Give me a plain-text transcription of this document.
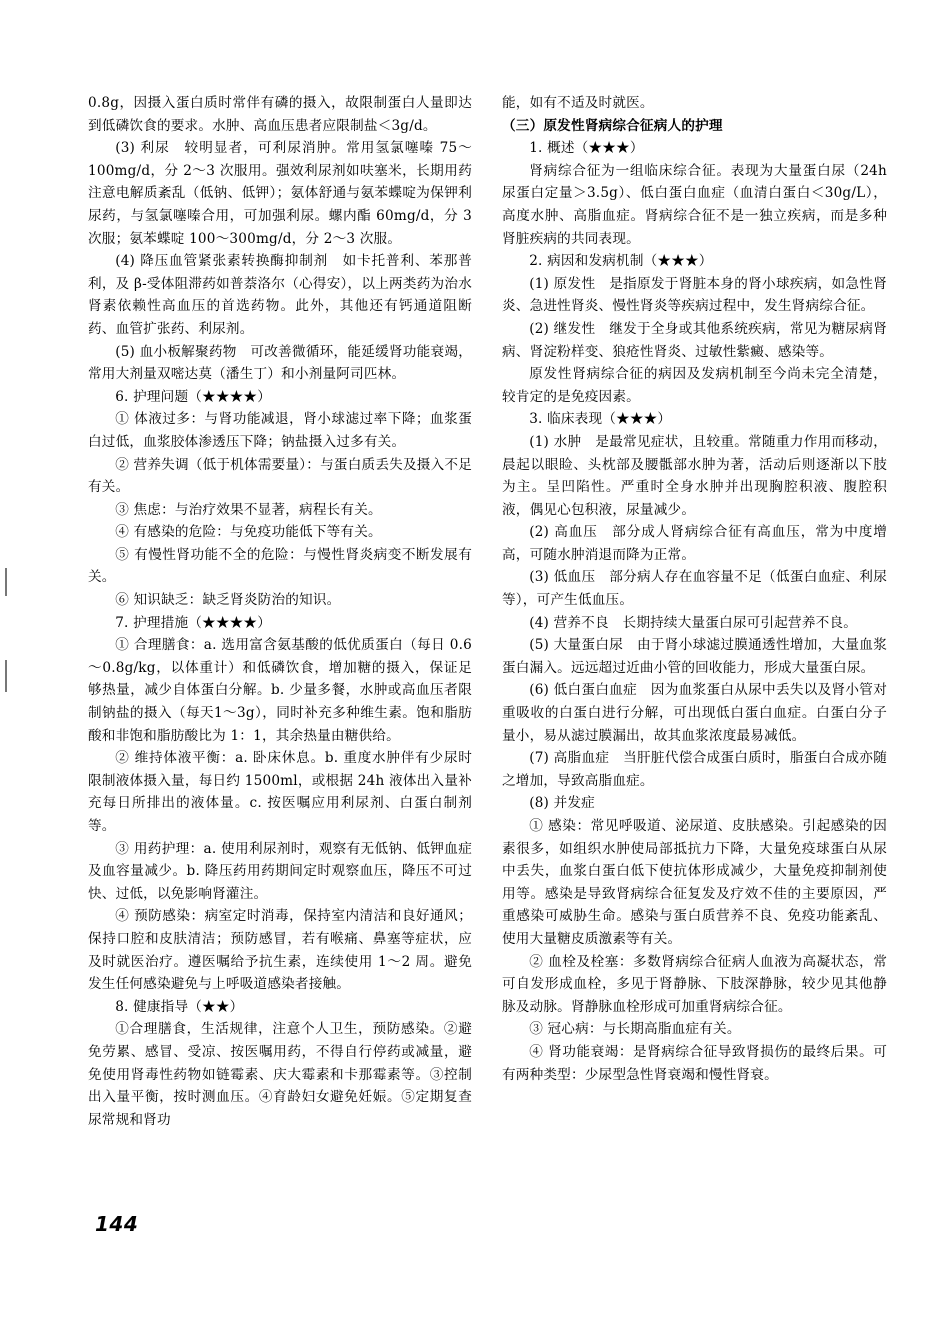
0.8g，因摄入蛋白质时常伴有磷的摄入，故限制蛋白人量即达到低磷饮食的要求。水肿、高血压患者应限制盐＜3g/d。

(3) 利尿　较明显者，可利尿消肿。常用氢氯噻嗪 75～100mg/d，分 2～3 次服用。强效利尿剂如呋塞米，长期用药注意电解质紊乱（低钠、低钾）；氨体舒通与氨苯蝶啶为保钾利尿药，与氢氯噻嗪合用，可加强利尿。螺内酯 60mg/d，分 3 次服；氨苯蝶啶 100～300mg/d，分 2～3 次服。

(4) 降压血管紧张素转换酶抑制剂　如卡托普利、苯那普利，及 β-受体阻滞药如普萘洛尔（心得安），以上两类药为治水肾素依赖性高血压的首选药物。此外，其他还有钙通道阻断药、血管扩张药、利尿剂。

(5) 血小板解聚药物　可改善微循环，能延缓肾功能衰竭，常用大剂量双嘧达莫（潘生丁）和小剂量阿司匹林。

6. 护理问题（★★★★）

① 体液过多：与肾功能减退，肾小球滤过率下降；血浆蛋白过低，血浆胶体渗透压下降；钠盐摄入过多有关。

② 营养失调（低于机体需要量）：与蛋白质丢失及摄入不足有关。

③ 焦虑：与治疗效果不显著，病程长有关。

④ 有感染的危险：与免疫功能低下等有关。

⑤ 有慢性肾功能不全的危险：与慢性肾炎病变不断发展有关。

⑥ 知识缺乏：缺乏肾炎防治的知识。

7. 护理措施（★★★★）

① 合理膳食：a. 选用富含氨基酸的低优质蛋白（每日 0.6～0.8g/kg，以体重计）和低磷饮食，增加糖的摄入，保证足够热量，减少自体蛋白分解。b. 少量多餐，水肿或高血压者限制钠盐的摄入（每天1～3g），同时补充多种维生素。饱和脂肪酸和非饱和脂肪酸比为 1：1，其余热量由糖供给。

② 维持体液平衡：a. 卧床休息。b. 重度水肿伴有少尿时限制液体摄入量，每日约 1500ml，或根据 24h 液体出入量补充每日所排出的液体量。c. 按医嘱应用利尿剂、白蛋白制剂等。

③ 用药护理：a. 使用利尿剂时，观察有无低钠、低钾血症及血容量减少。b. 降压药用药期间定时观察血压，降压不可过快、过低，以免影响肾灌注。

④ 预防感染：病室定时消毒，保持室内清洁和良好通风；保持口腔和皮肤清洁；预防感冒，若有喉痛、鼻塞等症状，应及时就医治疗。遵医嘱给予抗生素，连续使用 1～2 周。避免发生任何感染避免与上呼吸道感染者接触。

8. 健康指导（★★）

①合理膳食，生活规律，注意个人卫生，预防感染。②避免劳累、感冒、受凉、按医嘱用药，不得自行停药或减量，避免使用肾毒性药物如链霉素、庆大霉素和卡那霉素等。③控制出入量平衡，按时测血压。④育龄妇女避免妊娠。⑤定期复查尿常规和肾功

能，如有不适及时就医。

（三）原发性肾病综合征病人的护理

1. 概述（★★★）

肾病综合征为一组临床综合征。表现为大量蛋白尿（24h 尿蛋白定量＞3.5g）、低白蛋白血症（血清白蛋白＜30g/L），高度水肿、高脂血症。肾病综合征不是一独立疾病，而是多种肾脏疾病的共同表现。

2. 病因和发病机制（★★★）

(1) 原发性　是指原发于肾脏本身的肾小球疾病，如急性肾炎、急进性肾炎、慢性肾炎等疾病过程中，发生肾病综合征。

(2) 继发性　继发于全身或其他系统疾病，常见为糖尿病肾病、肾淀粉样变、狼疮性肾炎、过敏性紫癜、感染等。

原发性肾病综合征的病因及发病机制至今尚未完全清楚，较肯定的是免疫因素。

3. 临床表现（★★★）

(1) 水肿　是最常见症状，且较重。常随重力作用而移动，晨起以眼睑、头枕部及腰骶部水肿为著，活动后则逐渐以下肢为主。呈凹陷性。严重时全身水肿并出现胸腔积液、腹腔积液，偶见心包积液，尿量减少。

(2) 高血压　部分成人肾病综合征有高血压，常为中度增高，可随水肿消退而降为正常。

(3) 低血压　部分病人存在血容量不足（低蛋白血症、利尿等），可产生低血压。

(4) 营养不良　长期持续大量蛋白尿可引起营养不良。

(5) 大量蛋白尿　由于肾小球滤过膜通透性增加，大量血浆蛋白漏入。远远超过近曲小管的回收能力，形成大量蛋白尿。

(6) 低白蛋白血症　因为血浆蛋白从尿中丢失以及肾小管对重吸收的白蛋白进行分解，可出现低白蛋白血症。白蛋白分子量小，易从滤过膜漏出，故其血浆浓度最易减低。

(7) 高脂血症　当肝脏代偿合成蛋白质时，脂蛋白合成亦随之增加，导致高脂血症。

(8) 并发症

① 感染：常见呼吸道、泌尿道、皮肤感染。引起感染的因素很多，如组织水肿使局部抵抗力下降，大量免疫球蛋白从尿中丢失，血浆白蛋白低下使抗体形成减少，大量免疫抑制剂使用等。感染是导致肾病综合征复发及疗效不佳的主要原因，严重感染可威胁生命。感染与蛋白质营养不良、免疫功能紊乱、使用大量糖皮质激素等有关。

② 血栓及栓塞：多数肾病综合征病人血液为高凝状态，常可自发形成血栓，多见于肾静脉、下肢深静脉，较少见其他静脉及动脉。肾静脉血栓形成可加重肾病综合征。

③ 冠心病：与长期高脂血症有关。

④ 肾功能衰竭：是肾病综合征导致肾损伤的最终后果。可有两种类型：少尿型急性肾衰竭和慢性肾衰。

144
